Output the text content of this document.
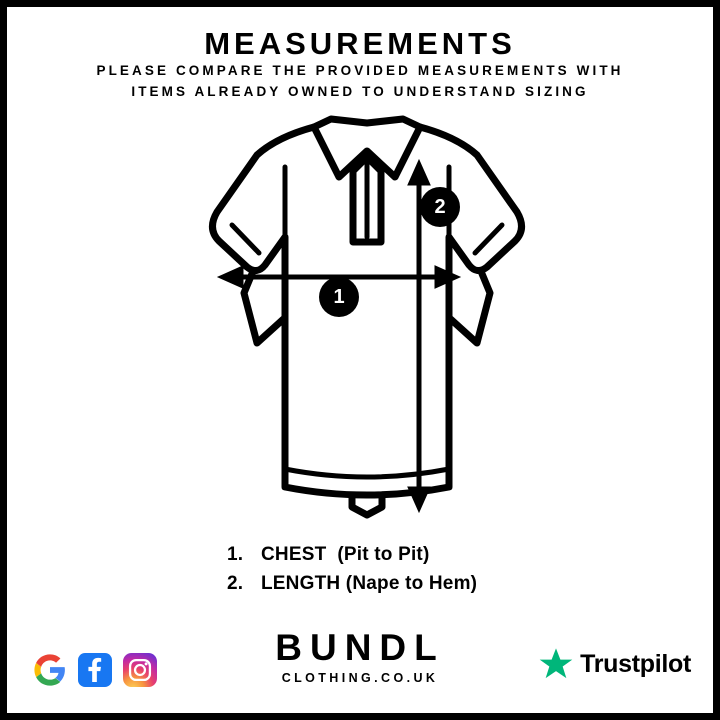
MEASUREMENTS
PLEASE COMPARE THE PROVIDED MEASUREMENTS WITH
ITEMS ALREADY OWNED TO UNDERSTAND SIZING
1
2
1. CHEST (Pit to Pit)
2. LENGTH (Nape to Hem)
BUNDL
CLOTHING.CO.UK
Trustpilot
